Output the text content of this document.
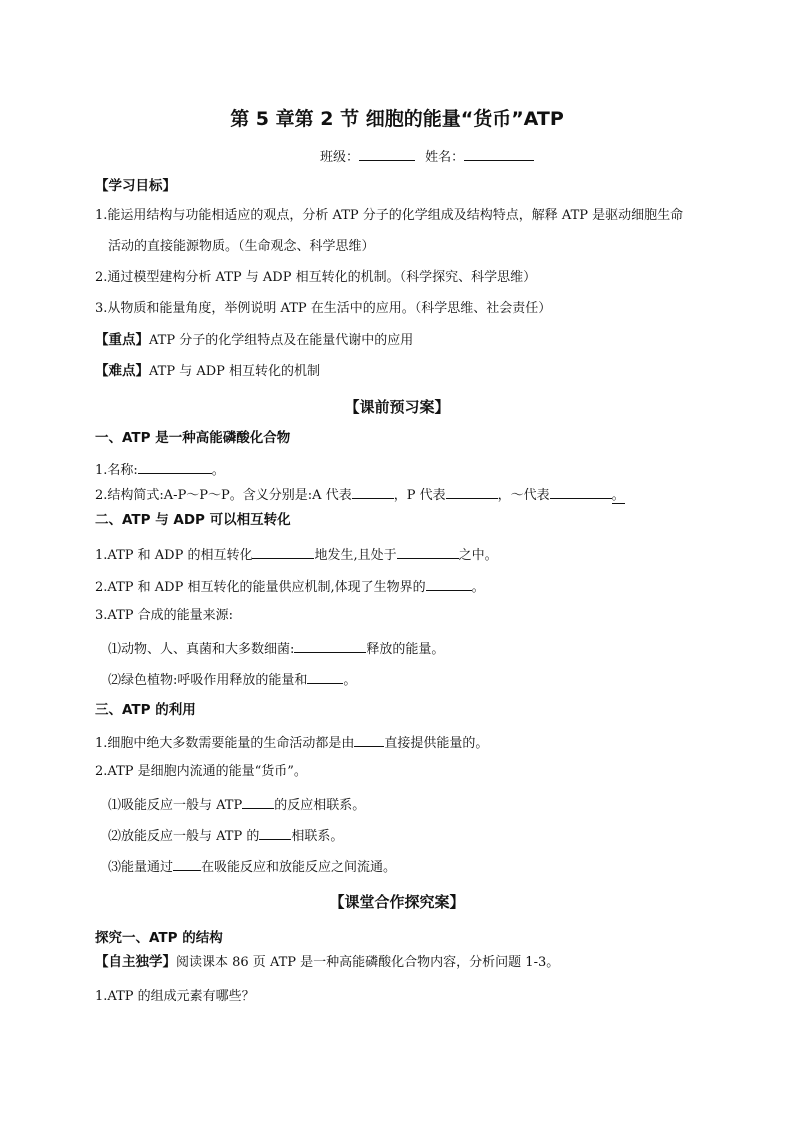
第 5 章第 2 节 细胞的能量“货币”ATP
班级：	姓名：
【学习目标】
1.能运用结构与功能相适应的观点，分析 ATP 分子的化学组成及结构特点，解释 ATP 是驱动细胞生命
活动的直接能源物质。（生命观念、科学思维）
2.通过模型建构分析 ATP 与 ADP 相互转化的机制。（科学探究、科学思维）
3.从物质和能量角度，举例说明 ATP 在生活中的应用。（科学思维、社会责任）
【重点】ATP 分子的化学组特点及在能量代谢中的应用
【难点】ATP 与 ADP 相互转化的机制
【课前预习案】
一、ATP 是一种高能磷酸化合物
1.名称:	。
2.结构简式:A-P～P～P。含义分别是:A 代表	，P 代表	，～代表	。
二、ATP 与 ADP 可以相互转化
1.ATP 和 ADP 的相互转化	地发生,且处于	之中。
2.ATP 和 ADP 相互转化的能量供应机制,体现了生物界的	。
3.ATP 合成的能量来源:
⑴动物、人、真菌和大多数细菌:	释放的能量。
⑵绿色植物:呼吸作用释放的能量和	。
三、ATP 的利用
1.细胞中绝大多数需要能量的生命活动都是由 直接提供能量的。
2.ATP 是细胞内流通的能量“货币”。
⑴吸能反应一般与 ATP 的反应相联系。
⑵放能反应一般与 ATP 的 相联系。
⑶能量通过 在吸能反应和放能反应之间流通。
【课堂合作探究案】
探究一、ATP 的结构
【自主独学】阅读课本 86 页 ATP 是一种高能磷酸化合物内容，分析问题 1-3。
1.ATP 的组成元素有哪些？
